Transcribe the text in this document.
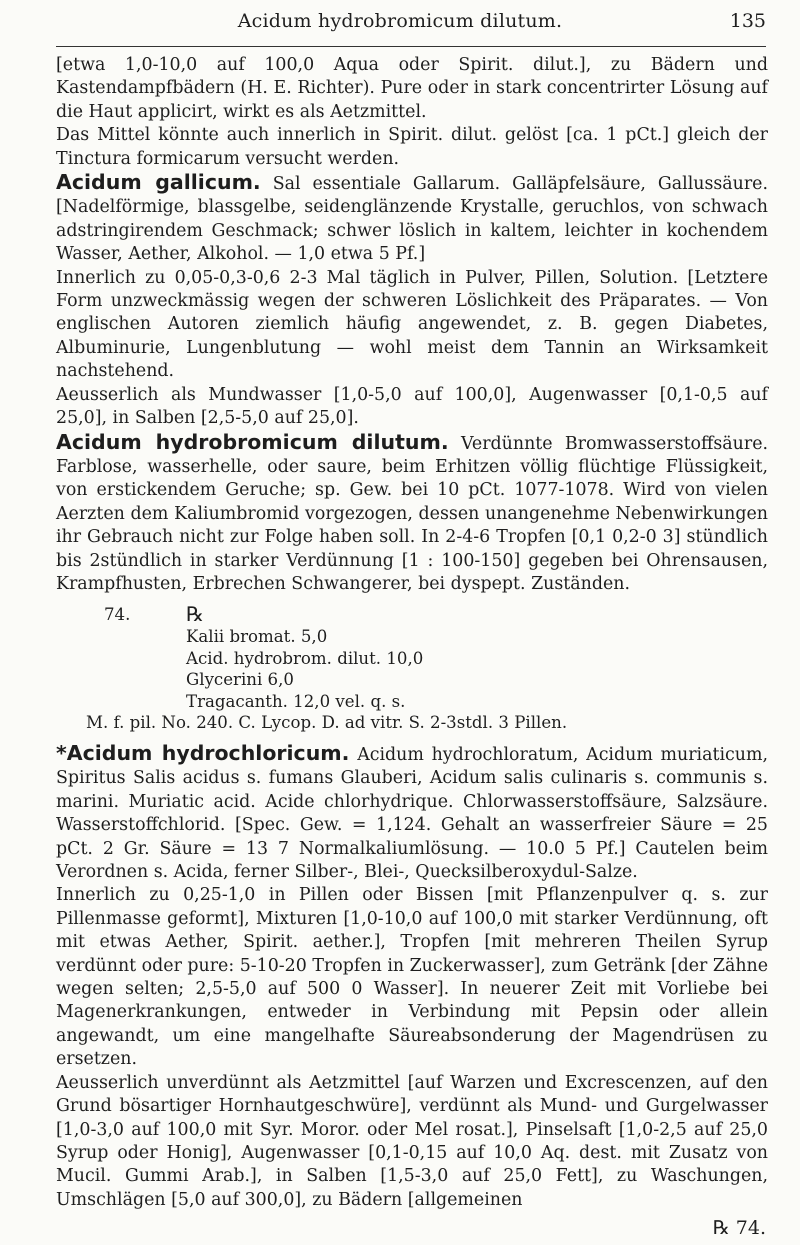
Acidum hydrobromicum dilutum.	135

[etwa 1,0-10,0 auf 100,0 Aqua oder Spirit. dilut.], zu Bädern und Kastendampfbädern (H. E. Richter). Pure oder in stark concentrirter Lösung auf die Haut applicirt, wirkt es als Aetzmittel.

Das Mittel könnte auch innerlich in Spirit. dilut. gelöst [ca. 1 pCt.] gleich der Tinctura formicarum versucht werden.

Acidum gallicum. Sal essentiale Gallarum. Galläpfelsäure, Gallussäure. [Nadelförmige, blassgelbe, seidenglänzende Krystalle, geruchlos, von schwach adstringirendem Geschmack; schwer löslich in kaltem, leichter in kochendem Wasser, Aether, Alkohol. — 1,0 etwa 5 Pf.]

Innerlich zu 0,05-0,3-0,6 2-3 Mal täglich in Pulver, Pillen, Solution. [Letztere Form unzweckmässig wegen der schweren Löslichkeit des Präparates. — Von englischen Autoren ziemlich häufig angewendet, z. B. gegen Diabetes, Albuminurie, Lungenblutung — wohl meist dem Tannin an Wirksamkeit nachstehend.

Aeusserlich als Mundwasser [1,0-5,0 auf 100,0], Augenwasser [0,1-0,5 auf 25,0], in Salben [2,5-5,0 auf 25,0].

Acidum hydrobromicum dilutum. Verdünnte Bromwasserstoffsäure. Farblose, wasserhelle, oder saure, beim Erhitzen völlig flüchtige Flüssigkeit, von erstickendem Geruche; sp. Gew. bei 10 pCt. 1077-1078. Wird von vielen Aerzten dem Kaliumbromid vorgezogen, dessen unangenehme Nebenwirkungen ihr Gebrauch nicht zur Folge haben soll. In 2-4-6 Tropfen [0,1 0,2-0 3] stündlich bis 2stündlich in starker Verdünnung [1 : 100-150] gegeben bei Ohrensausen, Krampfhusten, Erbrechen Schwangerer, bei dyspept. Zuständen.

74.	℞
Kalii bromat. 5,0
Acid. hydrobrom. dilut. 10,0
Glycerini 6,0
Tragacanth. 12,0 vel. q. s.
M. f. pil. No. 240. C. Lycop. D. ad vitr. S. 2-3stdl. 3 Pillen.

*Acidum hydrochloricum. Acidum hydrochloratum, Acidum muriaticum, Spiritus Salis acidus s. fumans Glauberi, Acidum salis culinaris s. communis s. marini. Muriatic acid. Acide chlorhydrique. Chlorwasserstoffsäure, Salzsäure. Wasserstoffchlorid. [Spec. Gew. = 1,124. Gehalt an wasserfreier Säure = 25 pCt. 2 Gr. Säure = 13 7 Normalkaliumlösung. — 10.0 5 Pf.] Cautelen beim Verordnen s. Acida, ferner Silber-, Blei-, Quecksilberoxydul-Salze.

Innerlich zu 0,25-1,0 in Pillen oder Bissen [mit Pflanzenpulver q. s. zur Pillenmasse geformt], Mixturen [1,0-10,0 auf 100,0 mit starker Verdünnung, oft mit etwas Aether, Spirit. aether.], Tropfen [mit mehreren Theilen Syrup verdünnt oder pure: 5-10-20 Tropfen in Zuckerwasser], zum Getränk [der Zähne wegen selten; 2,5-5,0 auf 500 0 Wasser]. In neuerer Zeit mit Vorliebe bei Magenerkrankungen, entweder in Verbindung mit Pepsin oder allein angewandt, um eine mangelhafte Säureabsonderung der Magendrüsen zu ersetzen.

Aeusserlich unverdünnt als Aetzmittel [auf Warzen und Excrescenzen, auf den Grund bösartiger Hornhautgeschwüre], verdünnt als Mund- und Gurgelwasser [1,0-3,0 auf 100,0 mit Syr. Moror. oder Mel rosat.], Pinselsaft [1,0-2,5 auf 25,0 Syrup oder Honig], Augenwasser [0,1-0,15 auf 10,0 Aq. dest. mit Zusatz von Mucil. Gummi Arab.], in Salben [1,5-3,0 auf 25,0 Fett], zu Waschungen, Umschlägen [5,0 auf 300,0], zu Bädern [allgemeinen

℞ 74.
